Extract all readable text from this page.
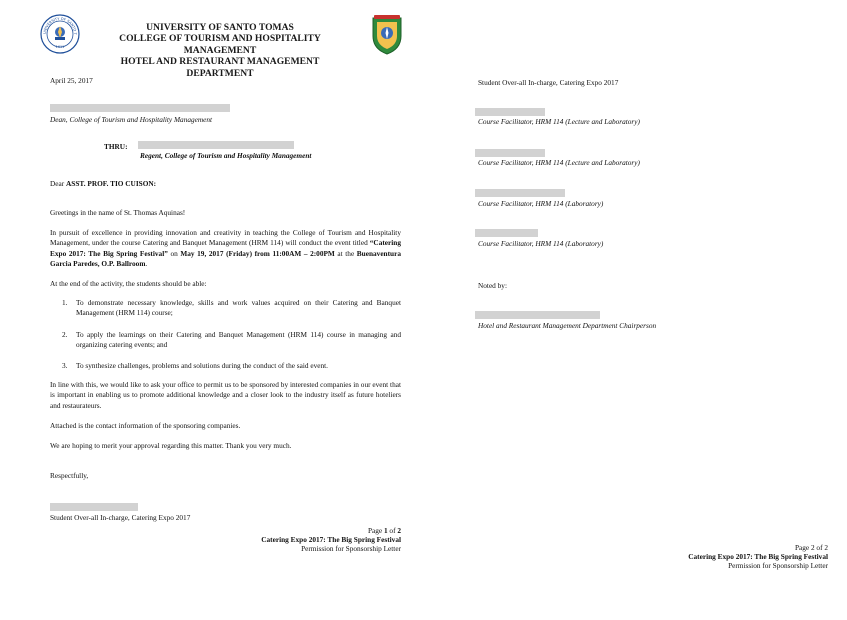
UNIVERSITY OF SANTO T
1611
UNIVERSITY OF SANTO TOMAS
COLLEGE OF TOURISM AND HOSPITALITY MANAGEMENT
HOTEL AND RESTAURANT MANAGEMENT DEPARTMENT
April 25, 2017
Dean, College of Tourism and Hospitality Management
THRU:
Regent, College of Tourism and Hospitality Management
Dear ASST. PROF. TIO CUISON:
Greetings in the name of St. Thomas Aquinas!
In pursuit of excellence in providing innovation and creativity in teaching the College of Tourism and Hospitality Management, under the course Catering and Banquet Management (HRM 114) will conduct the event titled “Catering Expo 2017: The Big Spring Festival” on May 19, 2017 (Friday) from 11:00AM – 2:00PM at the Buenaventura Garcia Paredes, O.P. Ballroom.
At the end of the activity, the students should be able:
1. To demonstrate necessary knowledge, skills and work values acquired on their Catering and Banquet Management (HRM 114) course;
2. To apply the learnings on their Catering and Banquet Management (HRM 114) course in managing and organizing catering events; and
3. To synthesize challenges, problems and solutions during the conduct of the said event.
In line with this, we would like to ask your office to permit us to be sponsored by interested companies in our event that is important in enabling us to promote additional knowledge and a closer look to the industry itself as future hoteliers and restaurateurs.
Attached is the contact information of the sponsoring companies.
We are hoping to merit your approval regarding this matter. Thank you very much.
Respectfully,
Student Over-all In-charge, Catering Expo 2017
Page 1 of 2
Catering Expo 2017: The Big Spring Festival
Permission for Sponsorship Letter
Student Over-all In-charge, Catering Expo 2017
Course Facilitator, HRM 114 (Lecture and Laboratory)
Course Facilitator, HRM 114 (Lecture and Laboratory)
Course Facilitator, HRM 114 (Laboratory)
Course Facilitator, HRM 114 (Laboratory)
Noted by:
Hotel and Restaurant Management Department Chairperson
Page 2 of 2
Catering Expo 2017: The Big Spring Festival
Permission for Sponsorship Letter
